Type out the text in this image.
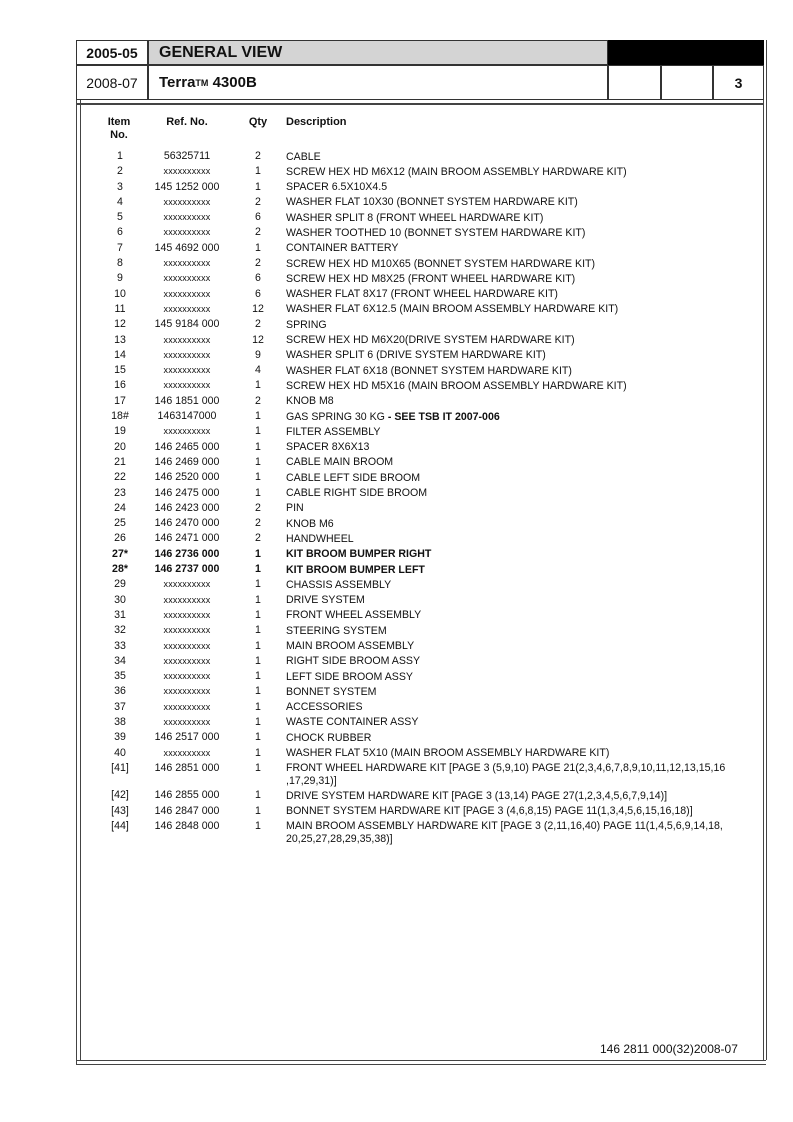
2005-05	GENERAL VIEW
2008-07	Terra TM
4300B	3
Item
No.
Ref. No.	Qty Description
1	56325711	2	CABLE
2	xxxxxxxxxx	1	SCREW HEX HD M6X12 (MAIN BROOM ASSEMBLY HARDWARE KIT)
3	145 1252 000	1	SPACER 6.5X10X4.5
4	xxxxxxxxxx	2	WASHER FLAT 10X30 (BONNET SYSTEM HARDWARE KIT)
5	xxxxxxxxxx	6	WASHER SPLIT 8 (FRONT WHEEL HARDWARE KIT)
6	xxxxxxxxxx	2	WASHER TOOTHED 10 (BONNET SYSTEM HARDWARE KIT)
7	145 4692 000	1	CONTAINER BATTERY
8	xxxxxxxxxx	2	SCREW HEX HD M10X65 (BONNET SYSTEM HARDWARE KIT)
9	xxxxxxxxxx	6	SCREW HEX HD M8X25 (FRONT WHEEL HARDWARE KIT)
10	xxxxxxxxxx	6	WASHER FLAT 8X17 (FRONT WHEEL HARDWARE KIT)
11	xxxxxxxxxx	12	WASHER FLAT 6X12.5 (MAIN BROOM ASSEMBLY HARDWARE KIT)
12	145 9184 000	2	SPRING
13	xxxxxxxxxx	12	SCREW HEX HD M6X20(DRIVE SYSTEM HARDWARE KIT)
14	xxxxxxxxxx	9	WASHER SPLIT 6 (DRIVE SYSTEM HARDWARE KIT)
15	xxxxxxxxxx	4	WASHER FLAT 6X18 (BONNET SYSTEM HARDWARE KIT)
16	xxxxxxxxxx	1	SCREW HEX HD M5X16 (MAIN BROOM ASSEMBLY HARDWARE KIT)
17	146 1851 000	2	KNOB M8
18#	1463147000	1	GAS SPRING 30 KG - SEE TSB IT 2007-006
19	xxxxxxxxxx	1	FILTER ASSEMBLY
20	146 2465 000	1	SPACER 8X6X13
21	146 2469 000	1	CABLE MAIN BROOM
22	146 2520 000	1	CABLE LEFT SIDE BROOM
23	146 2475 000	1	CABLE RIGHT SIDE BROOM
24	146 2423 000	2	PIN
25	146 2470 000	2	KNOB M6
26	146 2471 000	2	HANDWHEEL
27*	146 2736 000	1	KIT BROOM BUMPER RIGHT
28*	146 2737 000	1	KIT BROOM BUMPER LEFT
29	xxxxxxxxxx	1	CHASSIS ASSEMBLY
30	xxxxxxxxxx	1	DRIVE SYSTEM
31	xxxxxxxxxx	1	FRONT WHEEL ASSEMBLY
32	xxxxxxxxxx	1	STEERING SYSTEM
33	xxxxxxxxxx	1	MAIN BROOM ASSEMBLY
34	xxxxxxxxxx	1	RIGHT SIDE BROOM ASSY
35	xxxxxxxxxx	1	LEFT SIDE BROOM ASSY
36	xxxxxxxxxx	1	BONNET SYSTEM
37	xxxxxxxxxx	1	ACCESSORIES
38	xxxxxxxxxx	1	WASTE CONTAINER ASSY
39	146 2517 000	1	CHOCK RUBBER
40	xxxxxxxxxx	1	WASHER FLAT 5X10 (MAIN BROOM ASSEMBLY HARDWARE KIT)
[41]	146 2851 000	1	FRONT WHEEL HARDWARE KIT [PAGE 3 (5,9,10) PAGE 21(2,3,4,6,7,8,9,10,11,12,13,15,16 ,17,29,31)]
[42]	146 2855 000	1	DRIVE SYSTEM HARDWARE KIT [PAGE 3 (13,14) PAGE 27(1,2,3,4,5,6,7,9,14)]
[43]	146 2847 000	1	BONNET SYSTEM HARDWARE KIT [PAGE 3 (4,6,8,15) PAGE 11(1,3,4,5,6,15,16,18)]
[44]	146 2848 000	1	MAIN BROOM ASSEMBLY HARDWARE KIT [PAGE 3 (2,11,16,40) PAGE 11(1,4,5,6,9,14,18, 20,25,27,28,29,35,38)]
146 2811 000(32)2008-07
